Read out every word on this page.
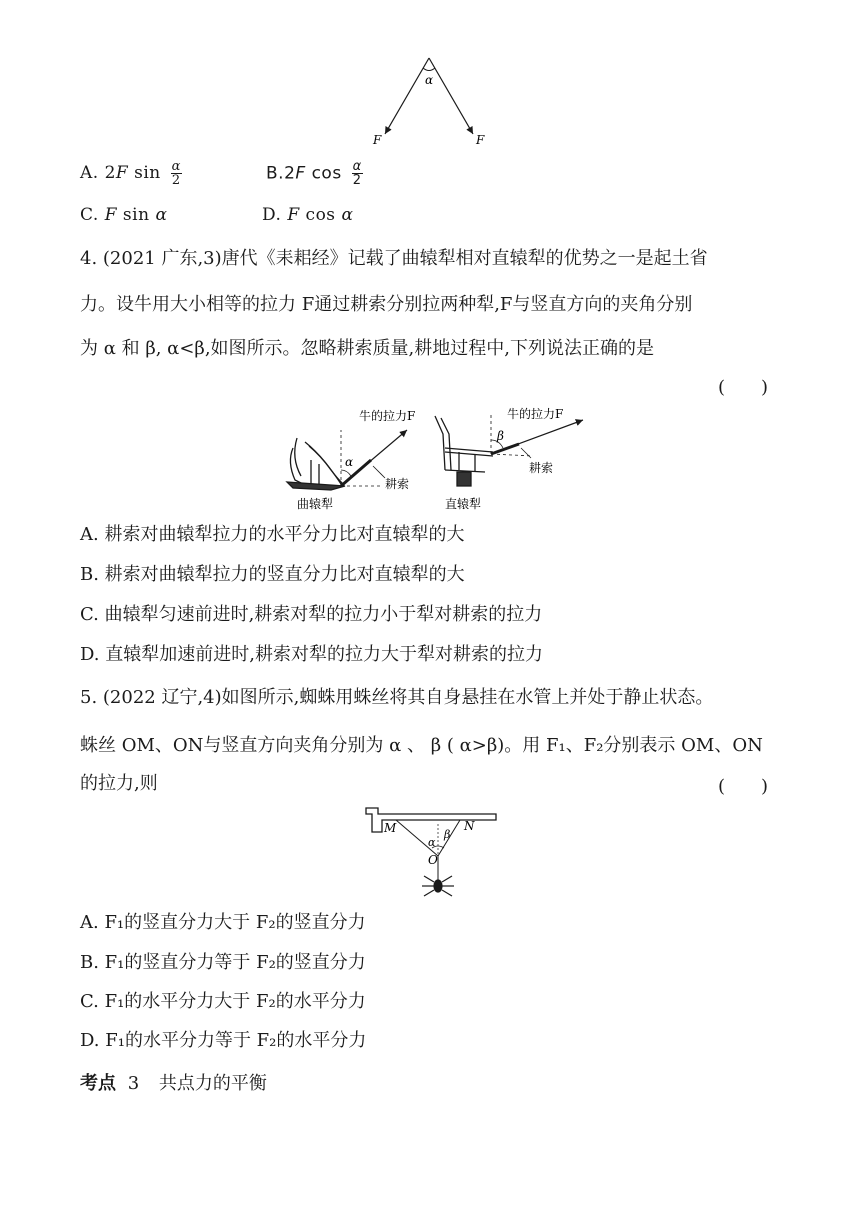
α
F	F
A. 2F $\sin \frac{\alpha}{2}$	B.2F $\cos \frac{\alpha}{2}$
C. F sin α	D. F cos α
4. (2021 广东,3)唐代《耒耜经》记载了曲辕犁相对直辕犁的优势之一是起土省
力。设牛用大小相等的拉力 F通过耕索分别拉两种犁,F与竖直方向的夹角分别
为 α 和 β, α<β,如图所示。忽略耕索质量,耕地过程中,下列说法正确的是
(　　)
α
牛的拉力F
耕索
曲辕犁
β
牛的拉力F
耕索
直辕犁
A. 耕索对曲辕犁拉力的水平分力比对直辕犁的大
B. 耕索对曲辕犁拉力的竖直分力比对直辕犁的大
C. 曲辕犁匀速前进时,耕索对犁的拉力小于犁对耕索的拉力
D. 直辕犁加速前进时,耕索对犁的拉力大于犁对耕索的拉力
5. (2022 辽宁,4)如图所示,蜘蛛用蛛丝将其自身悬挂在水管上并处于静止状态。
蛛丝 OM、ON与竖直方向夹角分别为 α 、 β ( α>β)。用 F₁、F₂分别表示 OM、ON
的拉力,则	(　　)
M	N
O
α
β
A. F₁的竖直分力大于 F₂的竖直分力
B. F₁的竖直分力等于 F₂的竖直分力
C. F₁的水平分力大于 F₂的水平分力
D. F₁的水平分力等于 F₂的水平分力
考点 3 共点力的平衡
